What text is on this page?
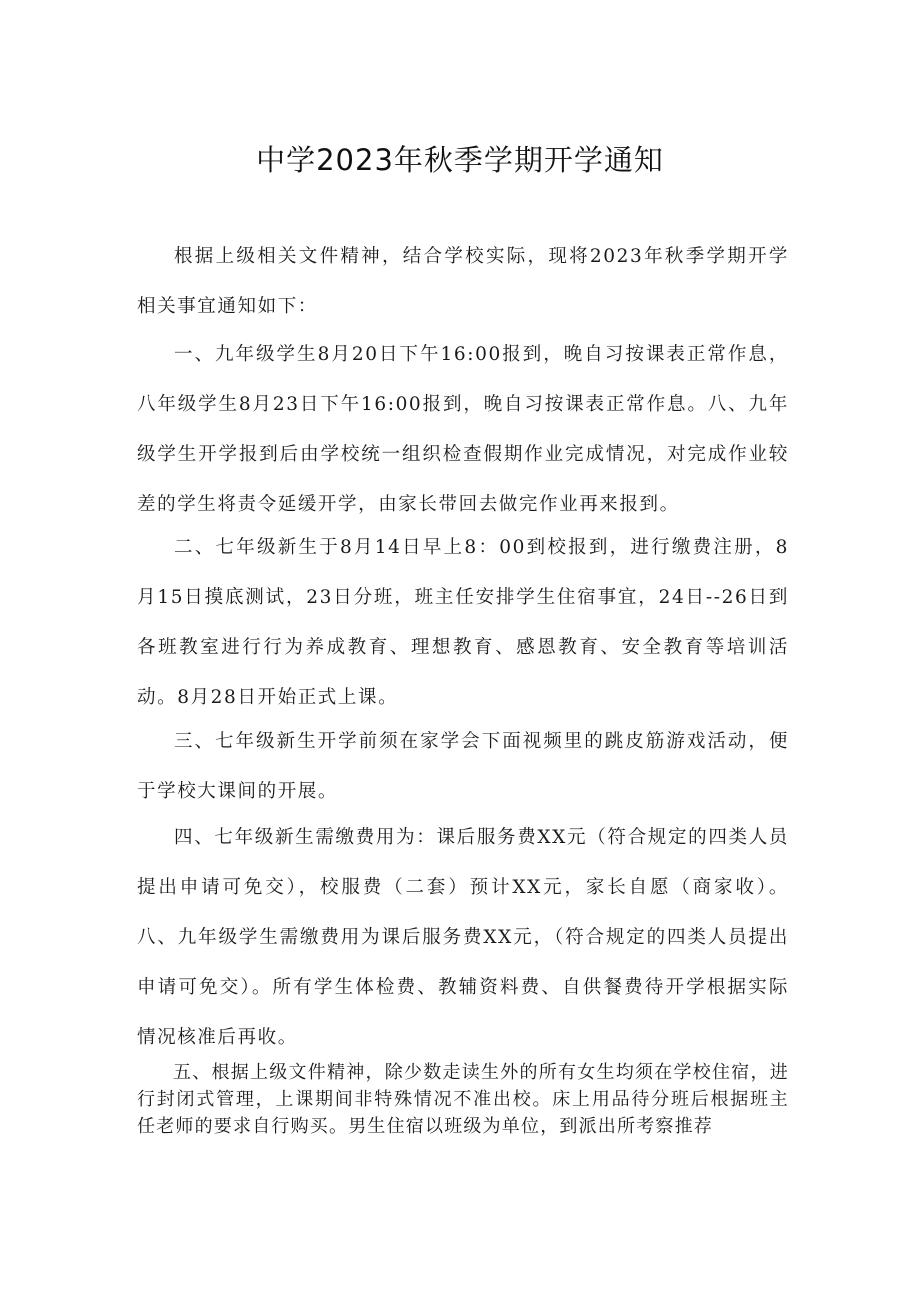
中学2023年秋季学期开学通知

根据上级相关文件精神，结合学校实际，现将2023年秋季学期开学相关事宜通知如下：

一、九年级学生8月20日下午16:00报到，晚自习按课表正常作息，八年级学生8月23日下午16:00报到，晚自习按课表正常作息。八、九年级学生开学报到后由学校统一组织检查假期作业完成情况，对完成作业较差的学生将责令延缓开学，由家长带回去做完作业再来报到。

二、七年级新生于8月14日早上8：00到校报到，进行缴费注册，8月15日摸底测试，23日分班，班主任安排学生住宿事宜，24日--26日到各班教室进行行为养成教育、理想教育、感恩教育、安全教育等培训活动。8月28日开始正式上课。

三、七年级新生开学前须在家学会下面视频里的跳皮筋游戏活动，便于学校大课间的开展。

四、七年级新生需缴费用为：课后服务费XX元（符合规定的四类人员提出申请可免交），校服费（二套）预计XX元，家长自愿（商家收）。八、九年级学生需缴费用为课后服务费XX元，（符合规定的四类人员提出申请可免交）。所有学生体检费、教辅资料费、自供餐费待开学根据实际情况核准后再收。

五、根据上级文件精神，除少数走读生外的所有女生均须在学校住宿，进行封闭式管理，上课期间非特殊情况不准出校。床上用品待分班后根据班主任老师的要求自行购买。男生住宿以班级为单位，到派出所考察推荐
